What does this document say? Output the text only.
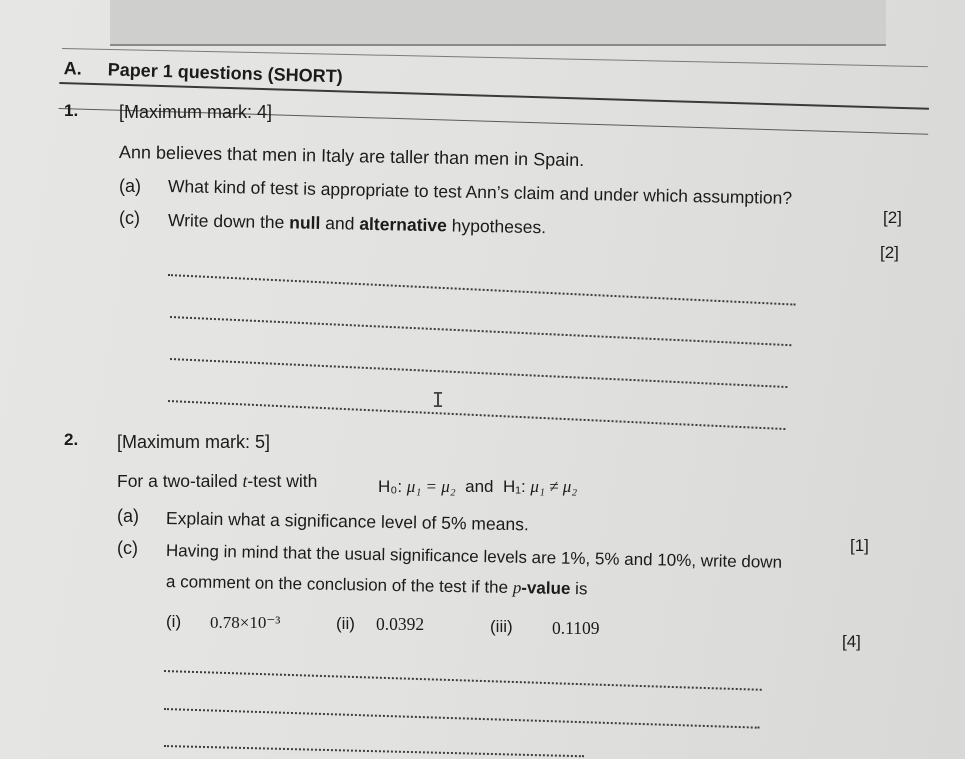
A. Paper 1 questions (SHORT)
1. [Maximum mark: 4]
Ann believes that men in Italy are taller than men in Spain.
(a) What kind of test is appropriate to test Ann’s claim and under which assumption?
[2]
(c) Write down the null and alternative hypotheses.
[2]
I
2. [Maximum mark: 5]
For a two-tailed t-test with	H₀: μ₁ = μ₂ and H₁: μ₁ ≠ μ₂
(a) Explain what a significance level of 5% means.
[1]
(c) Having in mind that the usual significance levels are 1%, 5% and 10%, write down
a comment on the conclusion of the test if the p-value is
(i) 0.78×10⁻³	(ii) 0.0392	(iii) 0.1109
[4]
